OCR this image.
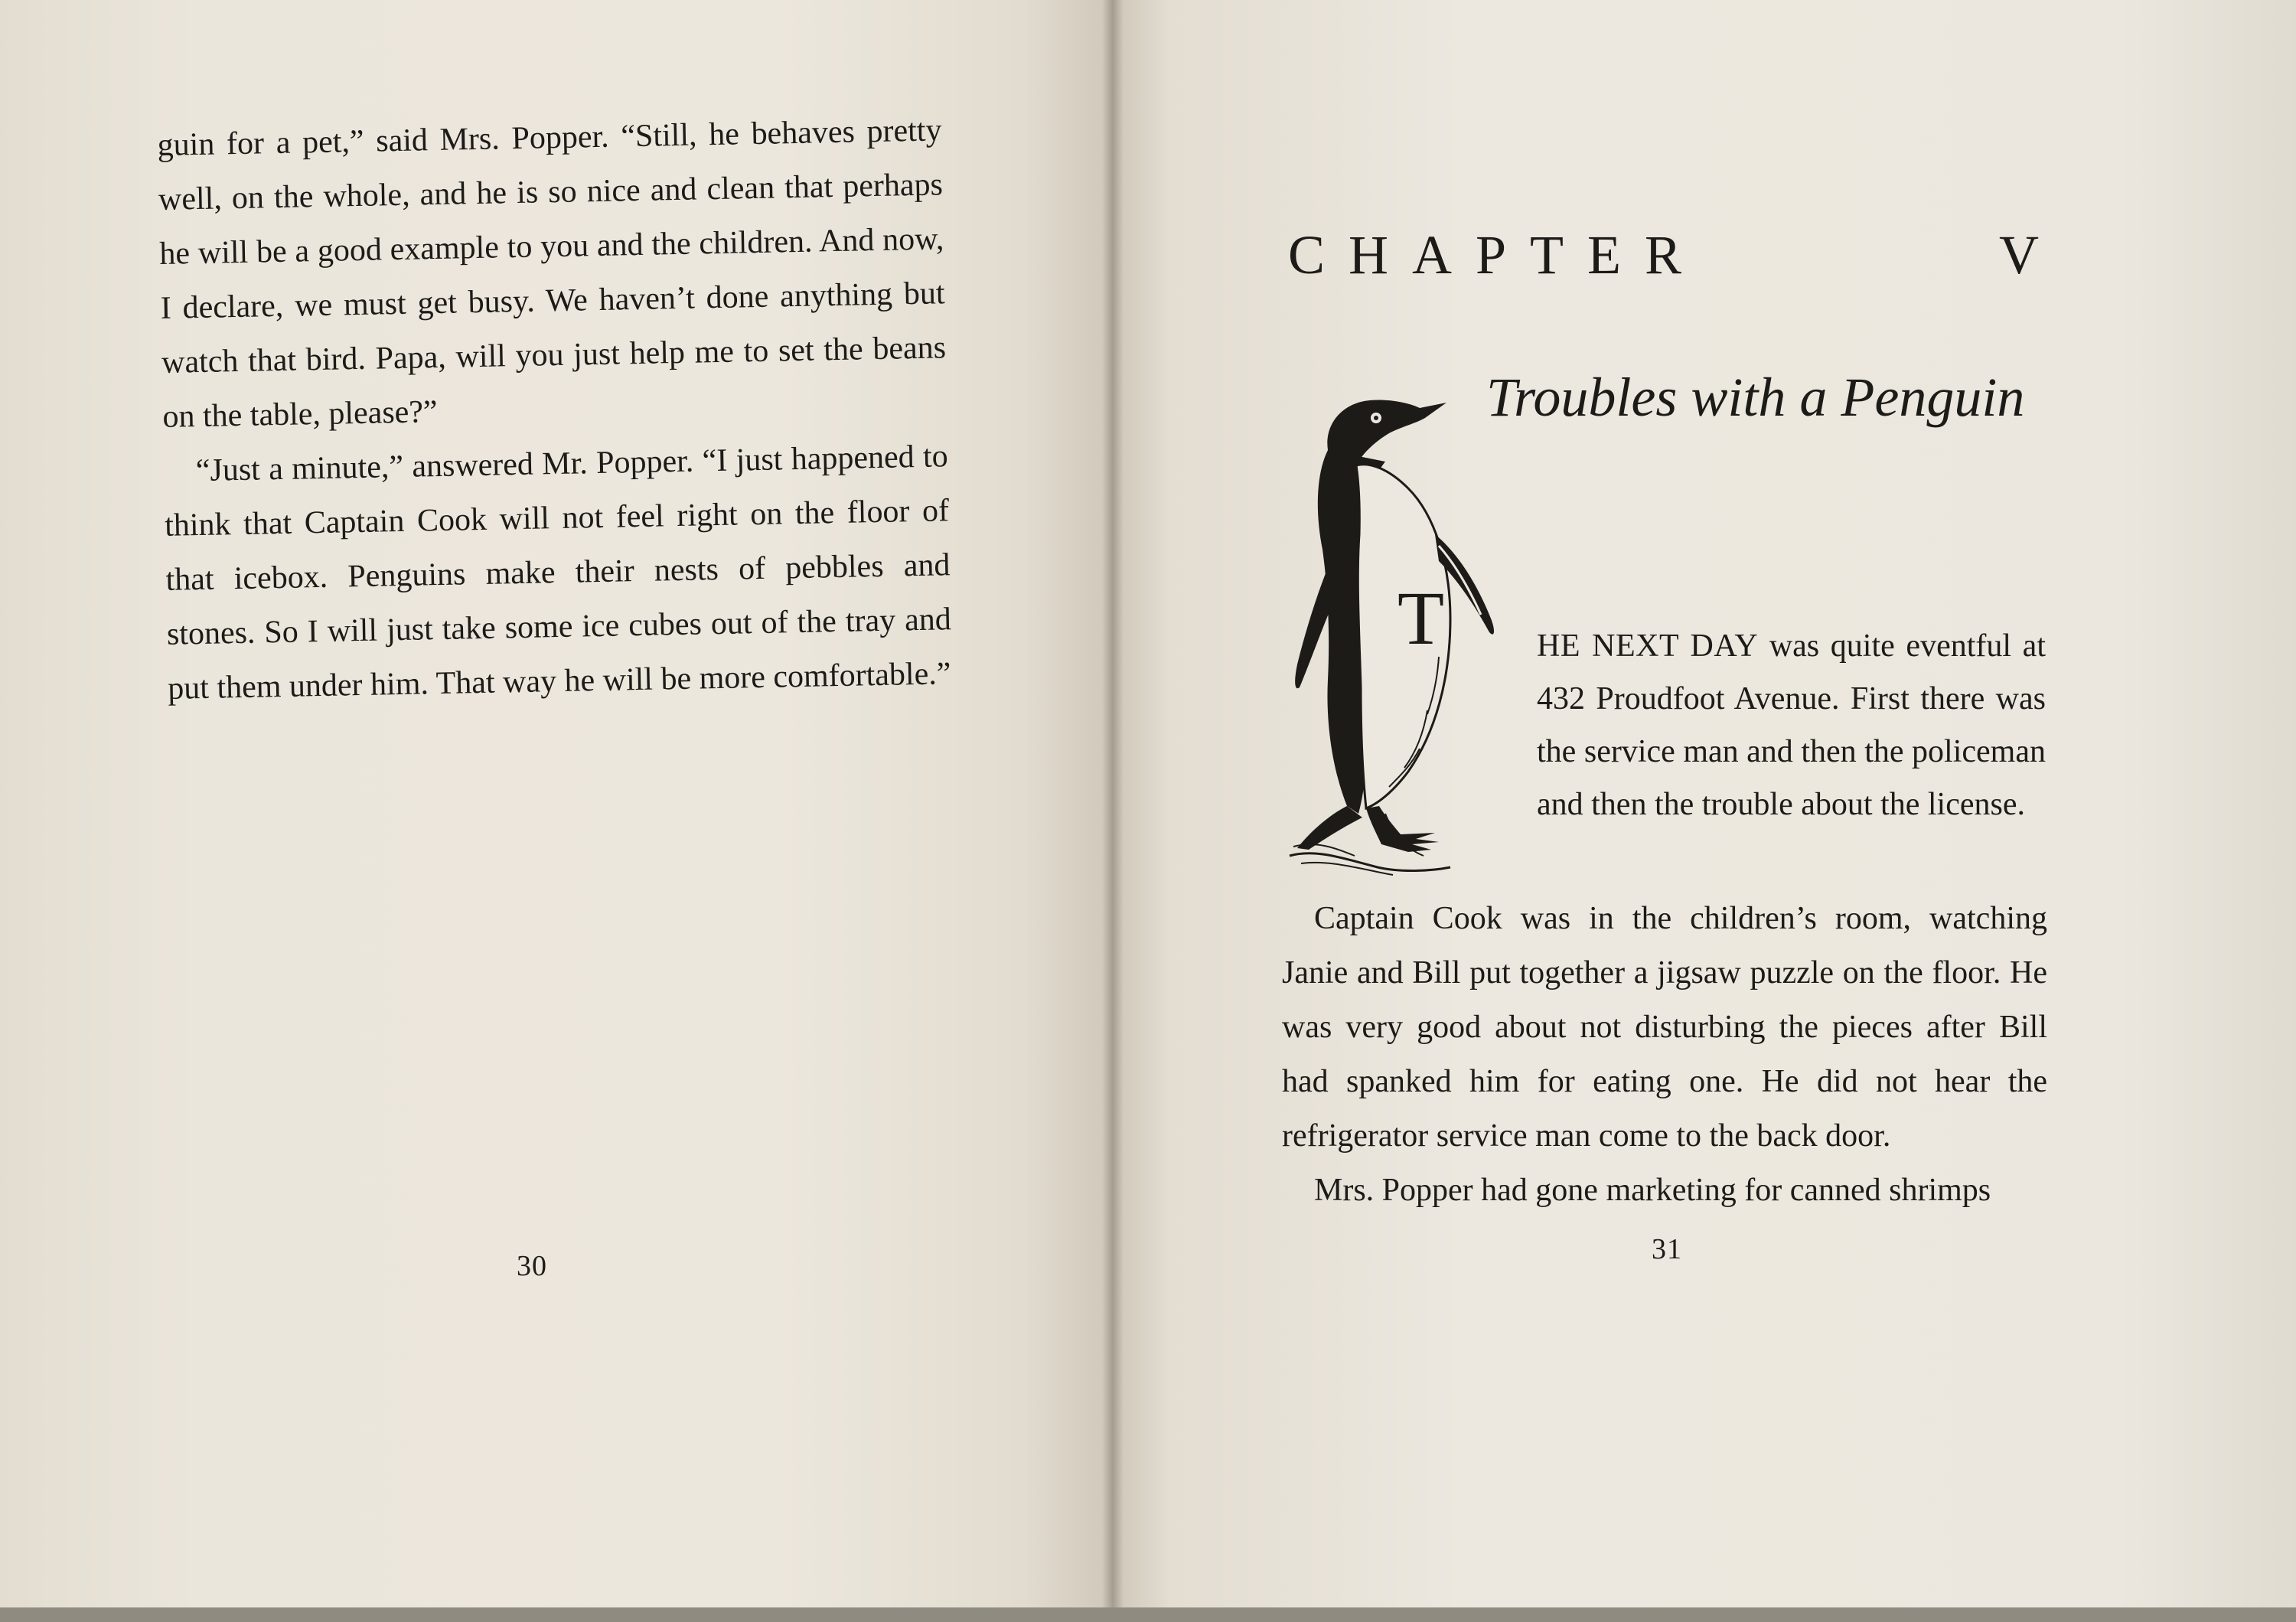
guin for a pet,” said Mrs. Popper. “Still, he behaves pretty well, on the whole, and he is so nice and clean that perhaps he will be a good example to you and the children. And now, I declare, we must get busy. We haven’t done anything but watch that bird. Papa, will you just help me to set the beans on the table, please?”

“Just a minute,” answered Mr. Popper. “I just happened to think that Captain Cook will not feel right on the floor of that icebox. Penguins make their nests of pebbles and stones. So I will just take some ice cubes out of the tray and put them under him. That way he will be more comfortable.”

30
CHAPTER	V
Troubles with a Penguin
T	HE NEXT DAY was quite eventful at 432 Proudfoot Avenue. First there was the service man and then the policeman and then the trouble about the license.

Captain Cook was in the children’s room, watching Janie and Bill put together a jigsaw puzzle on the floor. He was very good about not disturbing the pieces after Bill had spanked him for eating one. He did not hear the refrigerator service man come to the back door.

Mrs. Popper had gone marketing for canned shrimps

31
